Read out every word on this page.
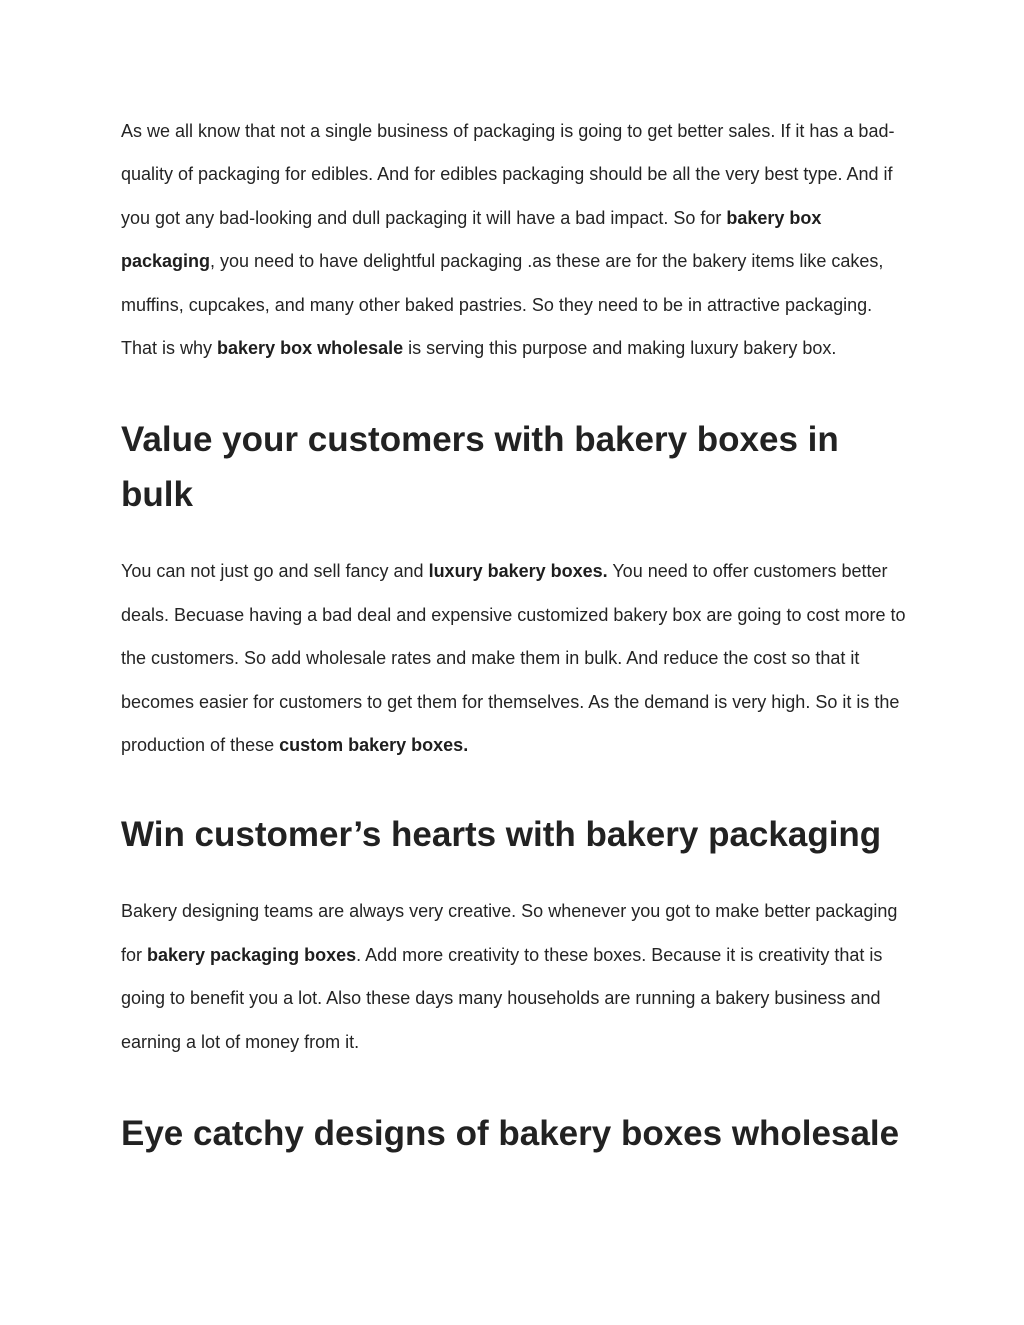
As we all know that not a single business of packaging is going to get better sales. If it has a bad-quality of packaging for edibles. And for edibles packaging should be all the very best type. And if you got any bad-looking and dull packaging it will have a bad impact. So for bakery box packaging, you need to have delightful packaging .as these are for the bakery items like cakes, muffins, cupcakes, and many other baked pastries. So they need to be in attractive packaging. That is why bakery box wholesale is serving this purpose and making luxury bakery box.

Value your customers with bakery boxes in bulk

You can not just go and sell fancy and luxury bakery boxes. You need to offer customers better deals. Becuase having a bad deal and expensive customized bakery box are going to cost more to the customers. So add wholesale rates and make them in bulk. And reduce the cost so that it becomes easier for customers to get them for themselves. As the demand is very high. So it is the production of these custom bakery boxes.

Win customer’s hearts with bakery packaging

Bakery designing teams are always very creative. So whenever you got to make better packaging for bakery packaging boxes. Add more creativity to these boxes. Because it is creativity that is going to benefit you a lot. Also these days many households are running a bakery business and earning a lot of money from it.

Eye catchy designs of bakery boxes wholesale
